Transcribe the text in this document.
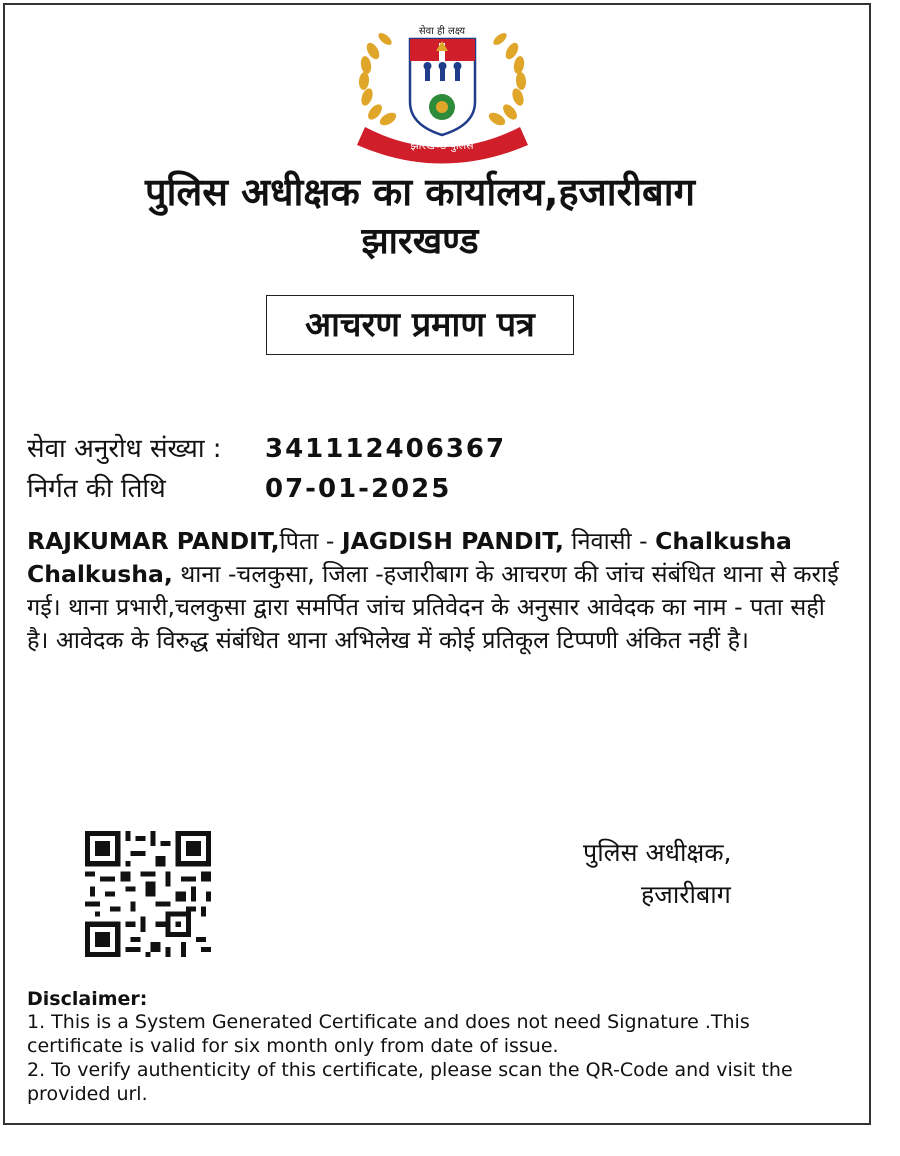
सेवा ही लक्ष्य
झारखण्ड पुलिस
पुलिस अधीक्षक का कार्यालय,हजारीबाग
झारखण्ड
आचरण प्रमाण पत्र
सेवा अनुरोध संख्या : 341112406367
निर्गत की तिथि	07-01-2025
RAJKUMAR PANDIT,पिता - JAGDISH PANDIT, निवासी - Chalkusha Chalkusha, थाना -चलकुसा, जिला -हजारीबाग के आचरण की जांच संबंधित थाना से कराई गई। थाना प्रभारी,चलकुसा द्वारा समर्पित जांच प्रतिवेदन के अनुसार आवेदक का नाम - पता सही है। आवेदक के विरुद्ध संबंधित थाना अभिलेख में कोई प्रतिकूल टिप्पणी अंकित नहीं है।
पुलिस अधीक्षक,
हजारीबाग
Disclaimer:
1. This is a System Generated Certificate and does not need Signature .This certificate is valid for six month only from date of issue.
2. To verify authenticity of this certificate, please scan the QR-Code and visit the provided url.
